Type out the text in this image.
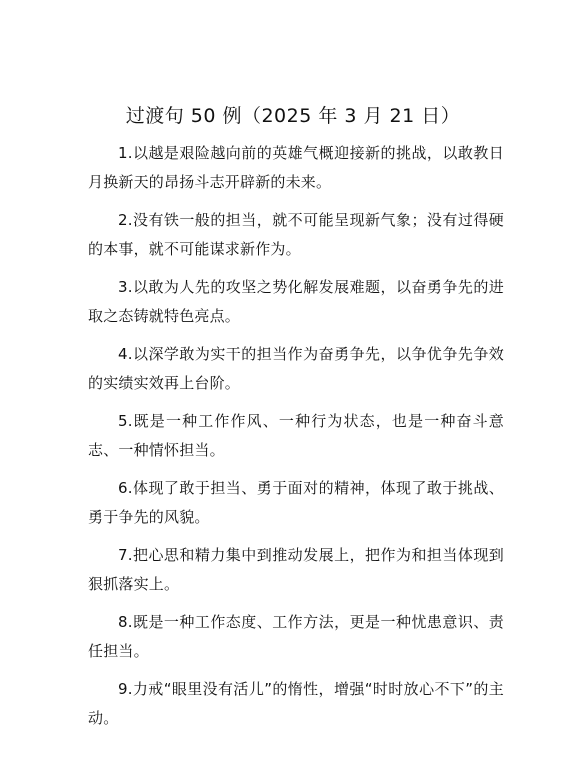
过渡句 50 例（2025 年 3 月 21 日）

1.以越是艰险越向前的英雄气概迎接新的挑战，以敢教日月换新天的昂扬斗志开辟新的未来。

2.没有铁一般的担当，就不可能呈现新气象；没有过得硬的本事，就不可能谋求新作为。

3.以敢为人先的攻坚之势化解发展难题，以奋勇争先的进取之态铸就特色亮点。

4.以深学敢为实干的担当作为奋勇争先，以争优争先争效的实绩实效再上台阶。

5.既是一种工作作风、一种行为状态，也是一种奋斗意志、一种情怀担当。

6.体现了敢于担当、勇于面对的精神，体现了敢于挑战、勇于争先的风貌。

7.把心思和精力集中到推动发展上，把作为和担当体现到狠抓落实上。

8.既是一种工作态度、工作方法，更是一种忧患意识、责任担当。

9.力戒“眼里没有活儿”的惰性，增强“时时放心不下”的主动。
